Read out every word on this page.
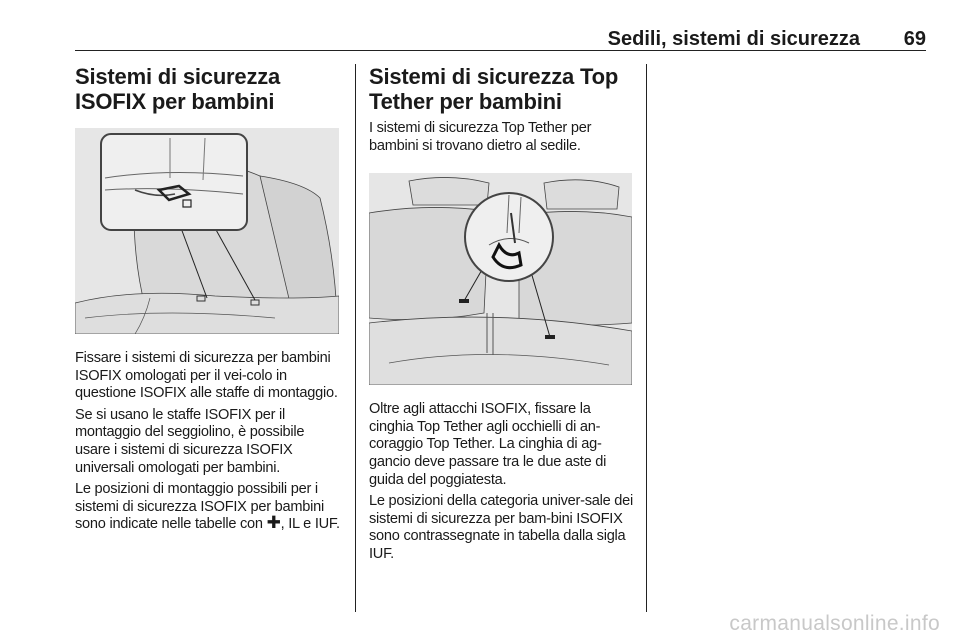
Sedili, sistemi di sicurezza	69
Sistemi di sicurezza ISOFIX per bambini

Fissare i sistemi di sicurezza per bambini ISOFIX omologati per il vei-colo in questione ISOFIX alle staffe di montaggio.

Se si usano le staffe ISOFIX per il montaggio del seggiolino, è possibile usare i sistemi di sicurezza ISOFIX universali omologati per bambini.

Le posizioni di montaggio possibili per i sistemi di sicurezza ISOFIX per bambini sono indicate nelle tabelle con ✚, IL e IUF.

Sistemi di sicurezza Top Tether per bambini

I sistemi di sicurezza Top Tether per bambini si trovano dietro al sedile.

Oltre agli attacchi ISOFIX, fissare la cinghia Top Tether agli occhielli di an-coraggio Top Tether. La cinghia di ag-gancio deve passare tra le due aste di guida del poggiatesta.

Le posizioni della categoria univer-sale dei sistemi di sicurezza per bam-bini ISOFIX sono contrassegnate in tabella dalla sigla IUF.

carmanualsonline.info
